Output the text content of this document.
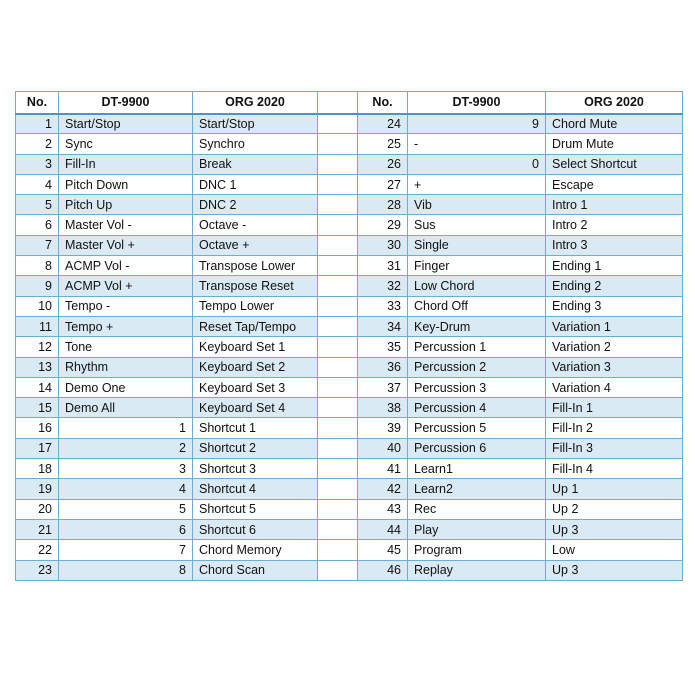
No.	DT-9900	ORG 2020		No.	DT-9900	ORG 2020
1	Start/Stop	Start/Stop		24	9	Chord Mute
2	Sync	Synchro		25	-	Drum Mute
3	Fill-In	Break		26	0	Select Shortcut
4	Pitch Down	DNC 1		27	+	Escape
5	Pitch Up	DNC 2		28	Vib	Intro 1
6	Master Vol -	Octave -		29	Sus	Intro 2
7	Master Vol +	Octave +		30	Single	Intro 3
8	ACMP Vol -	Transpose Lower		31	Finger	Ending 1
9	ACMP Vol +	Transpose Reset		32	Low Chord	Ending 2
10	Tempo -	Tempo Lower		33	Chord Off	Ending 3
11	Tempo +	Reset Tap/Tempo		34	Key-Drum	Variation 1
12	Tone	Keyboard Set 1		35	Percussion 1	Variation 2
13	Rhythm	Keyboard Set 2		36	Percussion 2	Variation 3
14	Demo One	Keyboard Set 3		37	Percussion 3	Variation 4
15	Demo All	Keyboard Set 4		38	Percussion 4	Fill-In 1
16	1	Shortcut 1		39	Percussion 5	Fill-In 2
17	2	Shortcut 2		40	Percussion 6	Fill-In 3
18	3	Shortcut 3		41	Learn1	Fill-In 4
19	4	Shortcut 4		42	Learn2	Up 1
20	5	Shortcut 5		43	Rec	Up 2
21	6	Shortcut 6		44	Play	Up 3
22	7	Chord Memory		45	Program	Low
23	8	Chord Scan		46	Replay	Up 3
